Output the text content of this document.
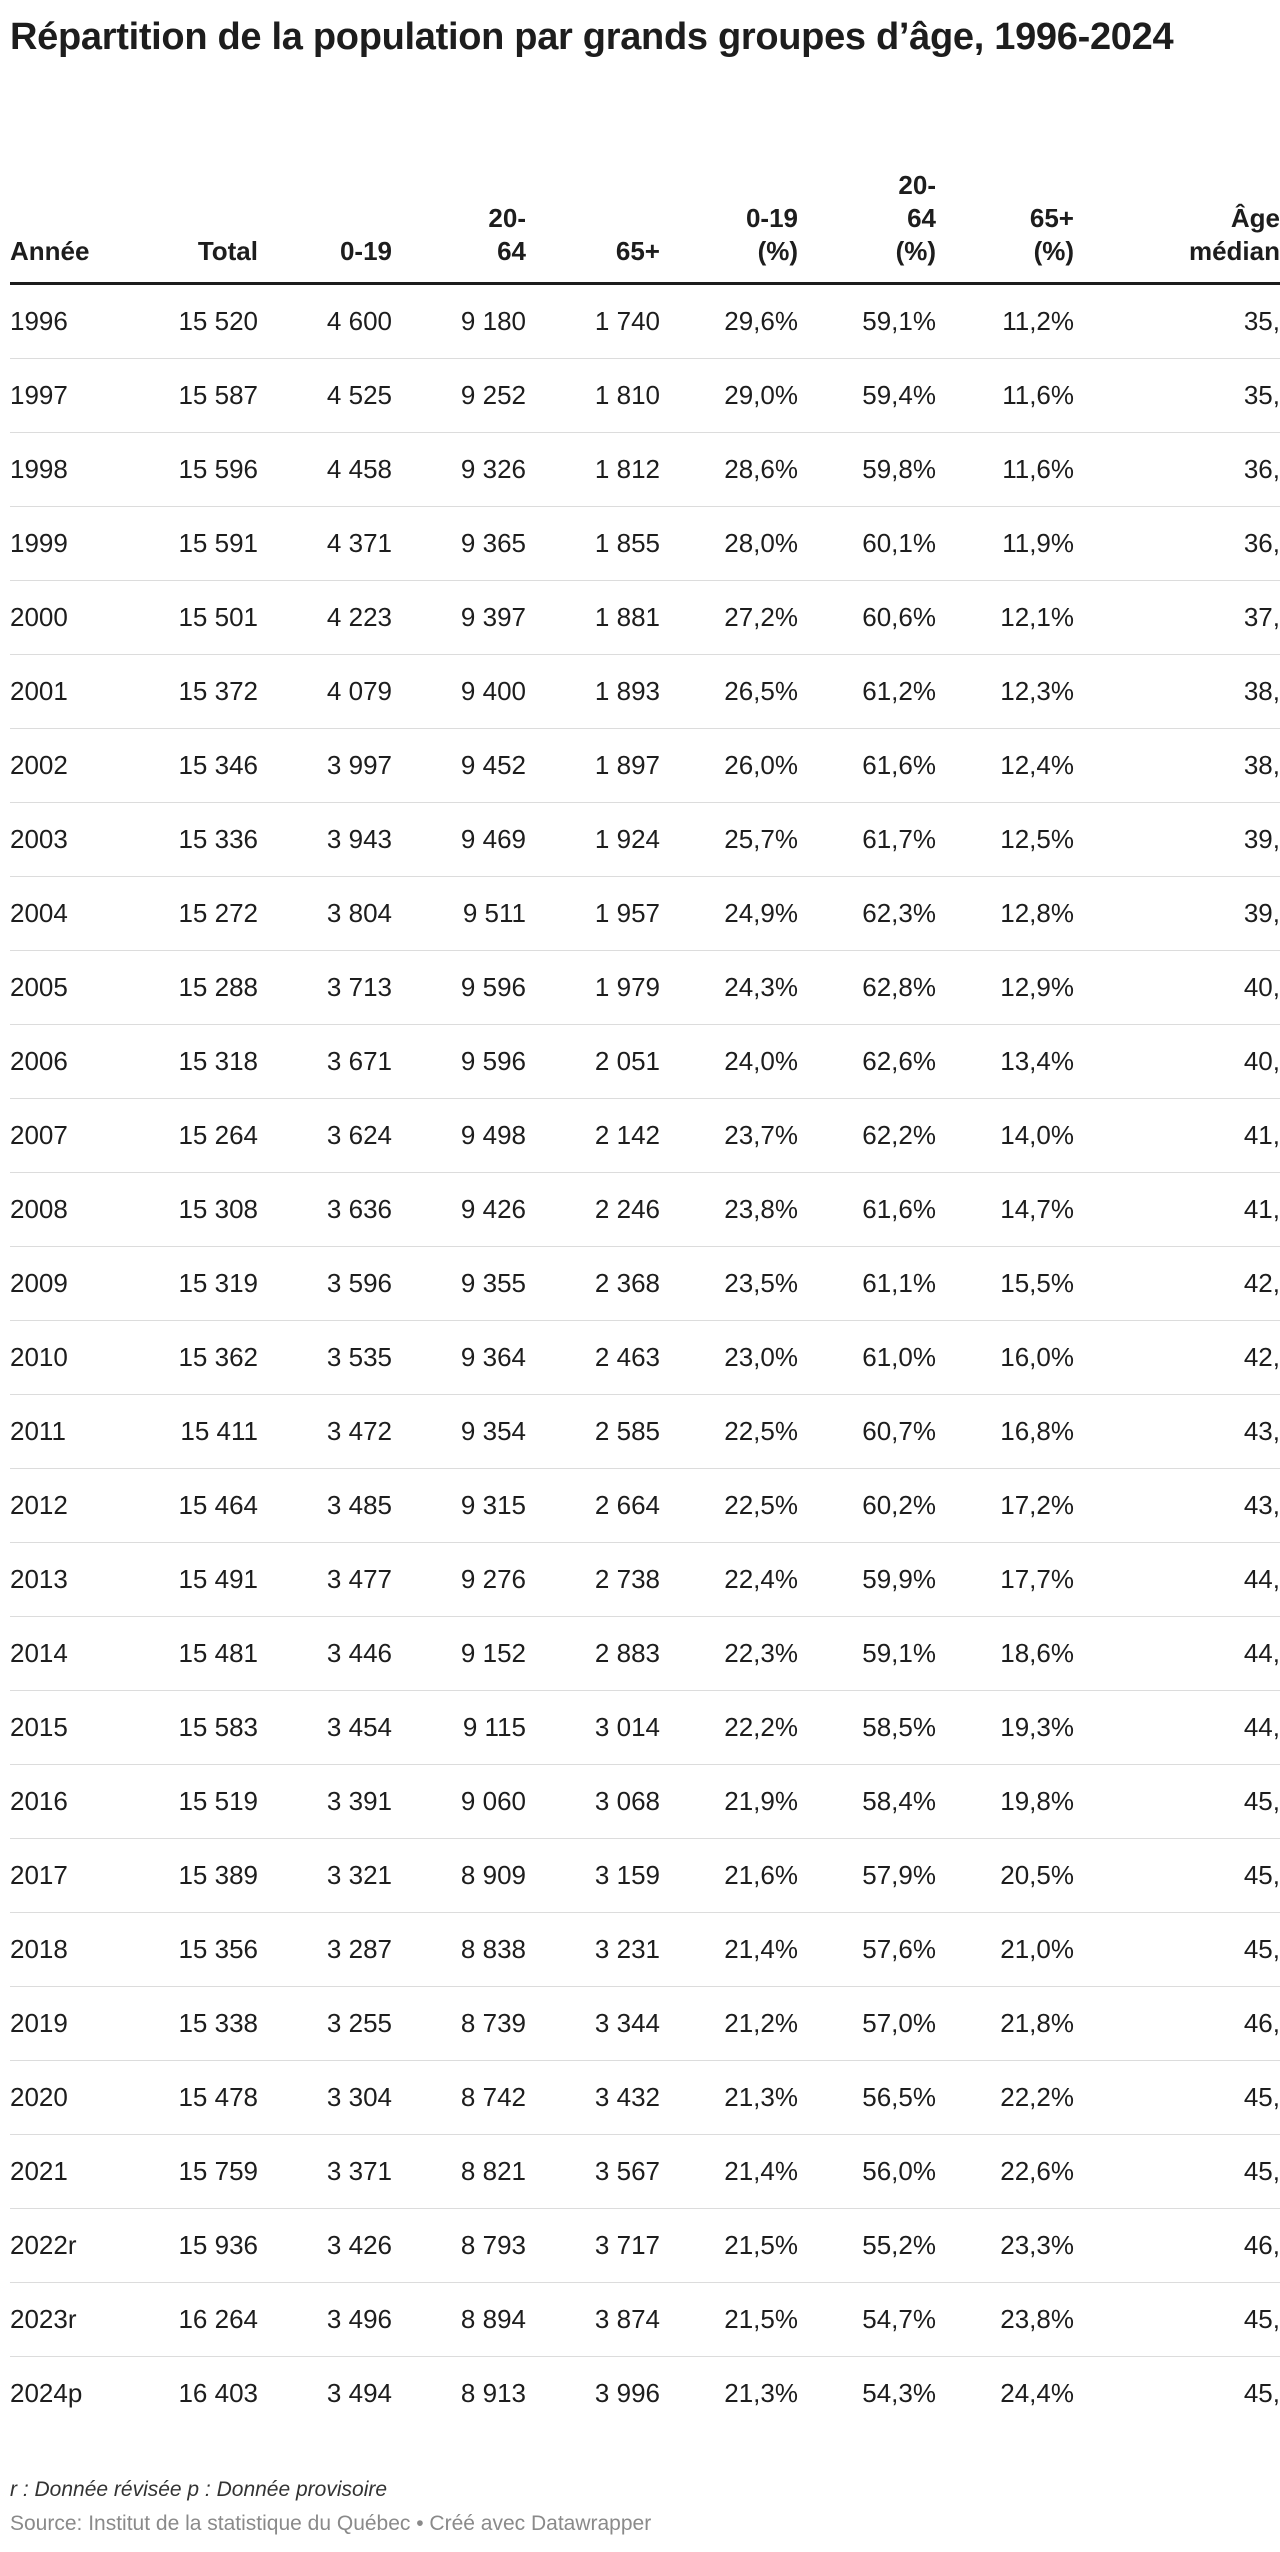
Répartition de la population par grands groupes d’âge, 1996-2024
Année	Total	0-19	20-64	65+	0-19 (%)	20-64 (%)	65+ (%)	Âge médian
1996	15 520	4 600	9 180	1 740	29,6%	59,1%	11,2%	35,
1997	15 587	4 525	9 252	1 810	29,0%	59,4%	11,6%	35,
1998	15 596	4 458	9 326	1 812	28,6%	59,8%	11,6%	36,
1999	15 591	4 371	9 365	1 855	28,0%	60,1%	11,9%	36,
2000	15 501	4 223	9 397	1 881	27,2%	60,6%	12,1%	37,
2001	15 372	4 079	9 400	1 893	26,5%	61,2%	12,3%	38,
2002	15 346	3 997	9 452	1 897	26,0%	61,6%	12,4%	38,
2003	15 336	3 943	9 469	1 924	25,7%	61,7%	12,5%	39,
2004	15 272	3 804	9 511	1 957	24,9%	62,3%	12,8%	39,
2005	15 288	3 713	9 596	1 979	24,3%	62,8%	12,9%	40,
2006	15 318	3 671	9 596	2 051	24,0%	62,6%	13,4%	40,
2007	15 264	3 624	9 498	2 142	23,7%	62,2%	14,0%	41,
2008	15 308	3 636	9 426	2 246	23,8%	61,6%	14,7%	41,
2009	15 319	3 596	9 355	2 368	23,5%	61,1%	15,5%	42,
2010	15 362	3 535	9 364	2 463	23,0%	61,0%	16,0%	42,
2011	15 411	3 472	9 354	2 585	22,5%	60,7%	16,8%	43,
2012	15 464	3 485	9 315	2 664	22,5%	60,2%	17,2%	43,
2013	15 491	3 477	9 276	2 738	22,4%	59,9%	17,7%	44,
2014	15 481	3 446	9 152	2 883	22,3%	59,1%	18,6%	44,
2015	15 583	3 454	9 115	3 014	22,2%	58,5%	19,3%	44,
2016	15 519	3 391	9 060	3 068	21,9%	58,4%	19,8%	45,
2017	15 389	3 321	8 909	3 159	21,6%	57,9%	20,5%	45,
2018	15 356	3 287	8 838	3 231	21,4%	57,6%	21,0%	45,
2019	15 338	3 255	8 739	3 344	21,2%	57,0%	21,8%	46,
2020	15 478	3 304	8 742	3 432	21,3%	56,5%	22,2%	45,
2021	15 759	3 371	8 821	3 567	21,4%	56,0%	22,6%	45,
2022r	15 936	3 426	8 793	3 717	21,5%	55,2%	23,3%	46,
2023r	16 264	3 496	8 894	3 874	21,5%	54,7%	23,8%	45,
2024p	16 403	3 494	8 913	3 996	21,3%	54,3%	24,4%	45,

r : Donnée révisée p : Donnée provisoire

Source: Institut de la statistique du Québec • Créé avec Datawrapper
